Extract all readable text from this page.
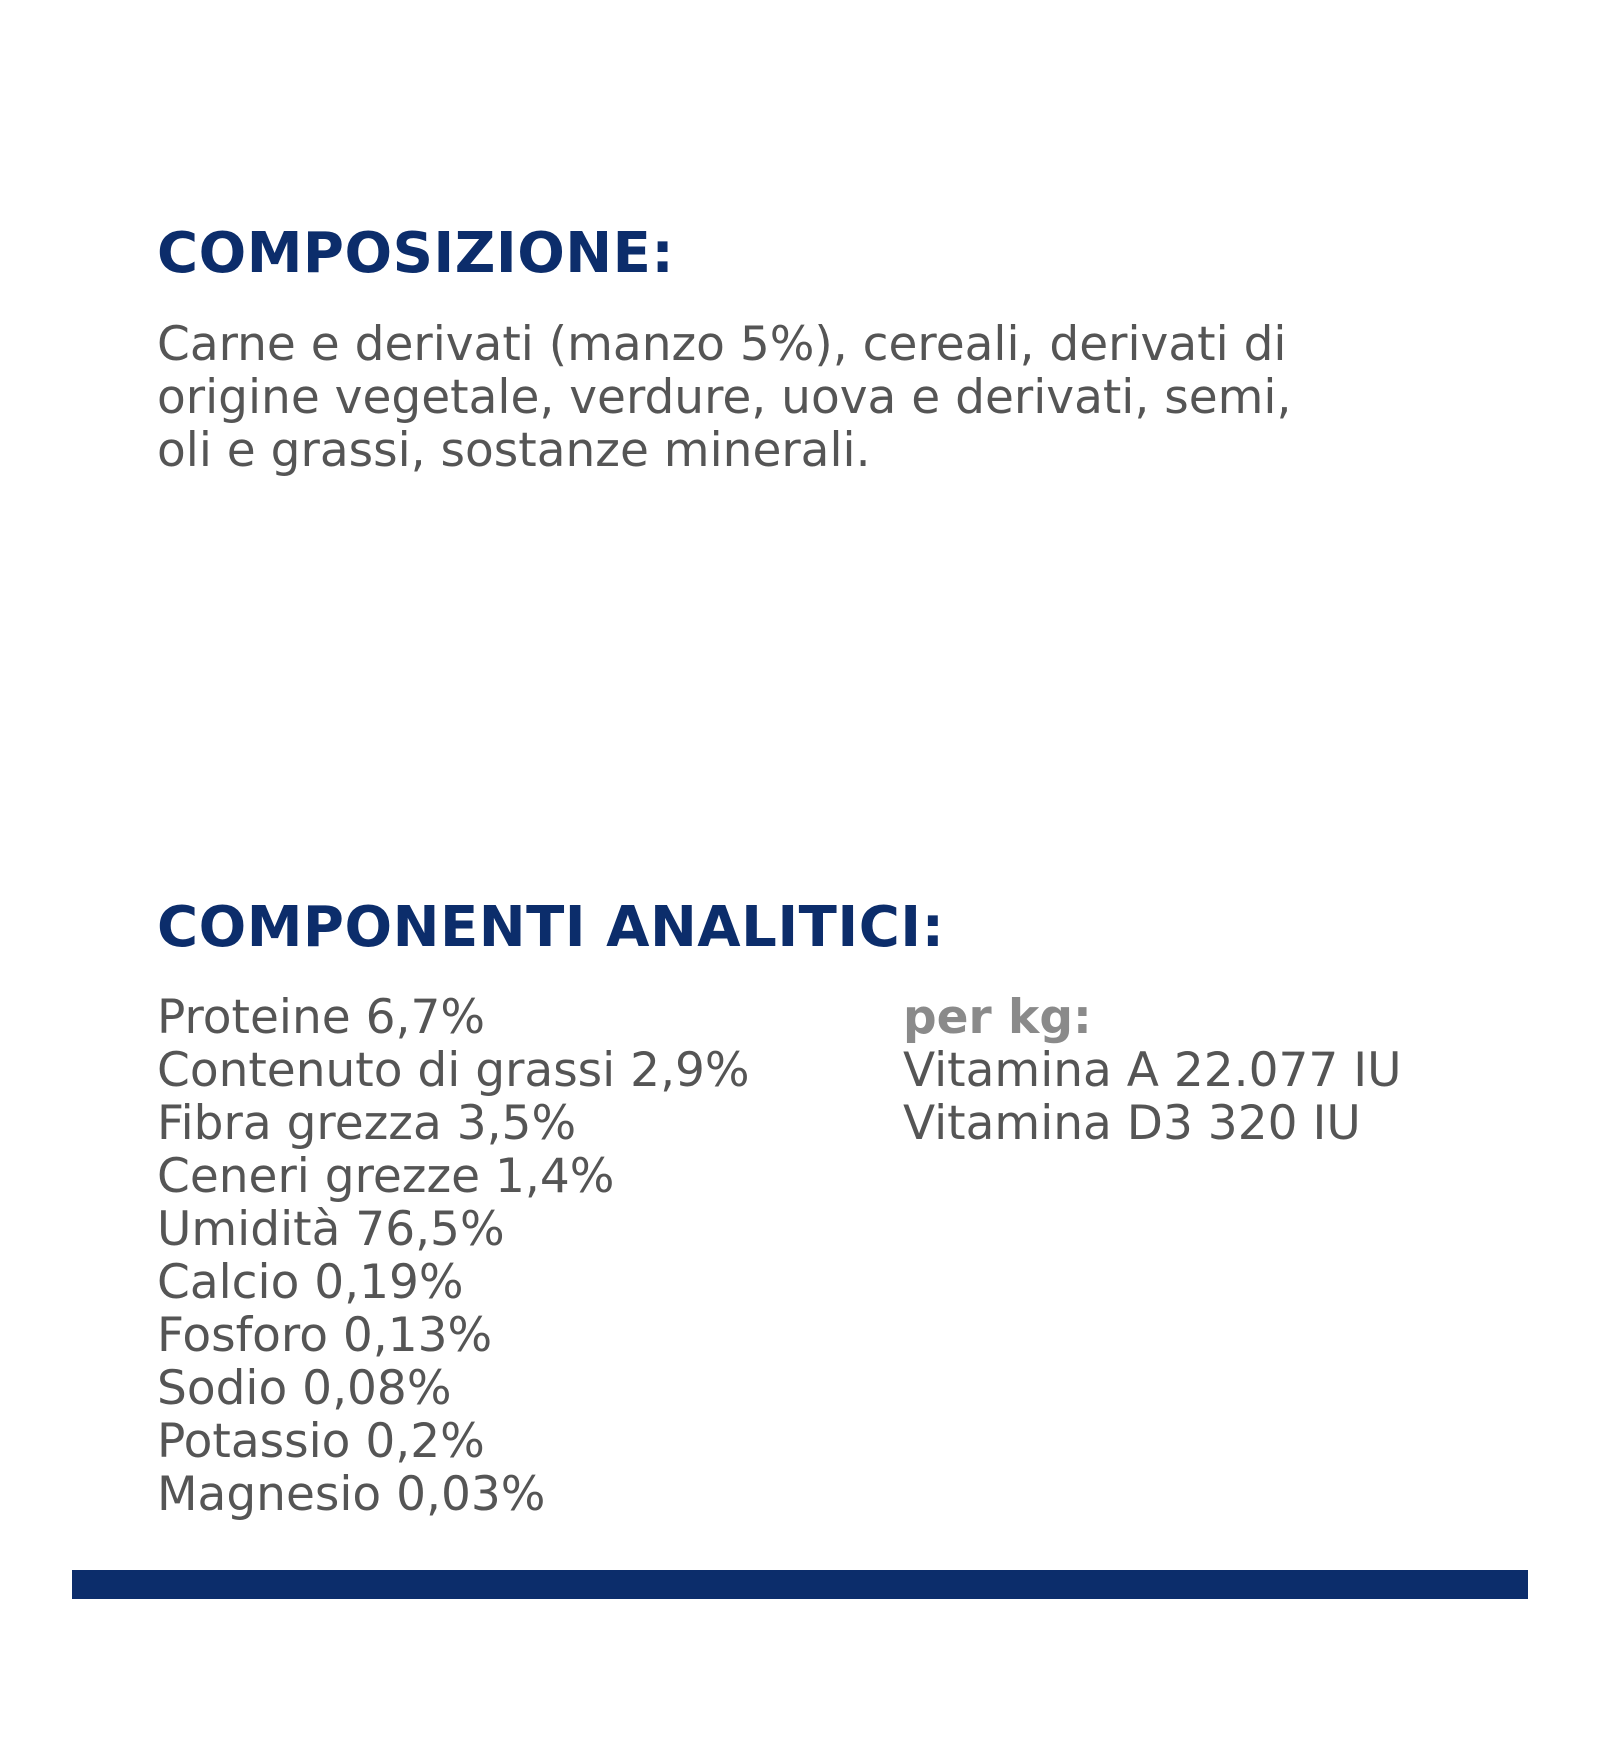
COMPOSIZIONE:
Carne e derivati (manzo 5%), cereali, derivati di
origine vegetale, verdure, uova e derivati, semi,
oli e grassi, sostanze minerali.
COMPONENTI ANALITICI:
Proteine 6,7%
Contenuto di grassi 2,9%
Fibra grezza 3,5%
Ceneri grezze 1,4%
Umidità 76,5%
Calcio 0,19%
Fosforo 0,13%
Sodio 0,08%
Potassio 0,2%
Magnesio 0,03%
per kg:
Vitamina A 22.077 IU
Vitamina D3 320 IU
